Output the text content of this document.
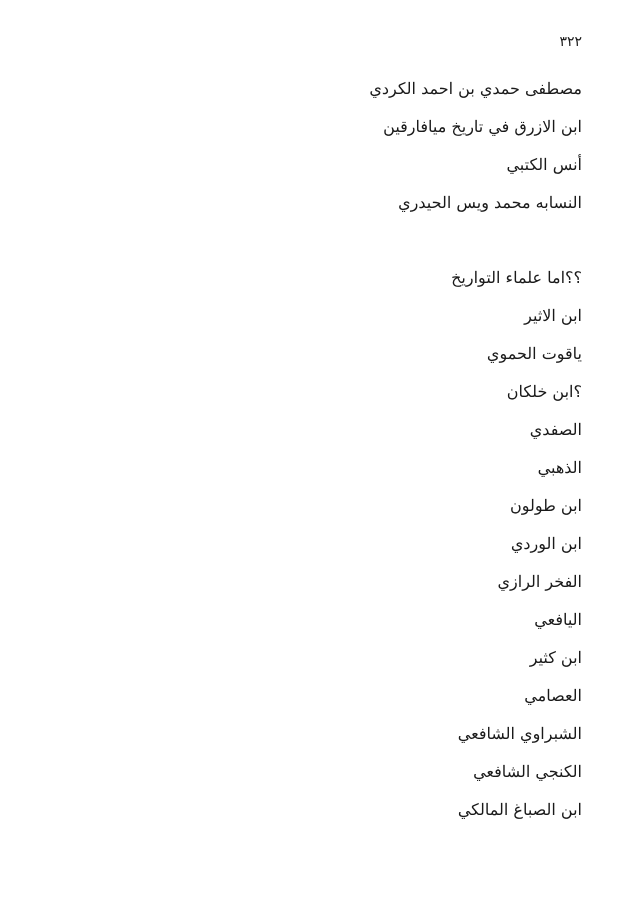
٣٢٢
مصطفى حمدي بن احمد الكردي
ابن الازرق في تاريخ ميافارقين
أنس الكتبي
النسابه محمد ويس الحيدري
؟؟اما علماء التواريخ
ابن الاثير
ياقوت الحموي
؟ابن خلكان
الصفدي
الذهبي
ابن طولون
ابن الوردي
الفخر الرازي
اليافعي
ابن كثير
العصامي
الشبراوي الشافعي
الكنجي الشافعي
ابن الصباغ المالكي
